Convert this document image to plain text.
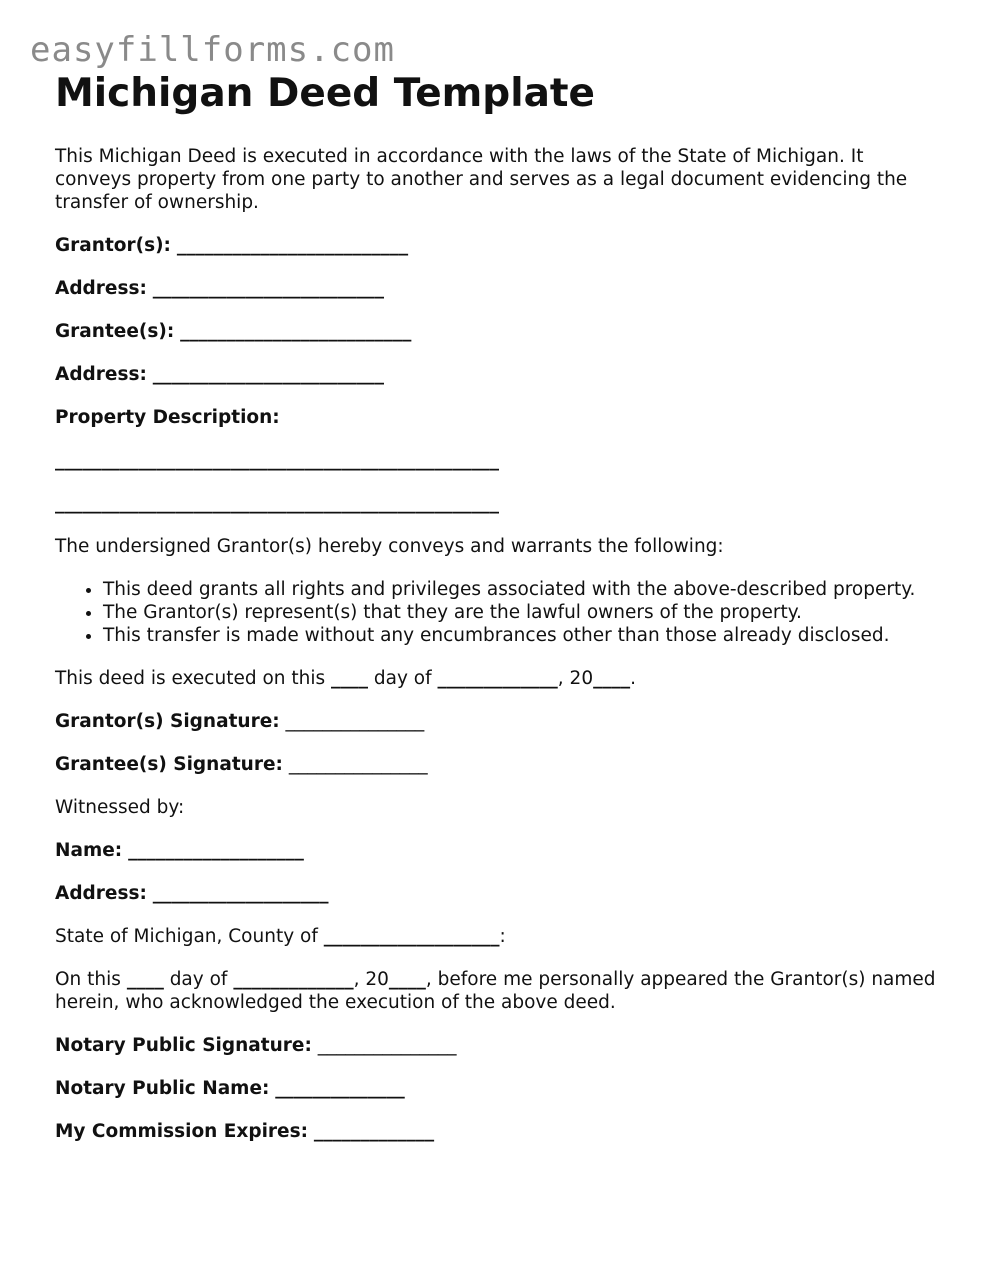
easyfillforms.com
Michigan Deed Template

This Michigan Deed is executed in accordance with the laws of the State of Michigan. It conveys property from one party to another and serves as a legal document evidencing the transfer of ownership.

Grantor(s): _________________________

Address: _________________________

Grantee(s): _________________________

Address: _________________________

Property Description:

________________________________________________

________________________________________________

The undersigned Grantor(s) hereby conveys and warrants the following:

• This deed grants all rights and privileges associated with the above-described property.
• The Grantor(s) represent(s) that they are the lawful owners of the property.
• This transfer is made without any encumbrances other than those already disclosed.

This deed is executed on this ____ day of _____________, 20____.

Grantor(s) Signature: _______________

Grantee(s) Signature: _______________

Witnessed by:

Name: ___________________

Address: ___________________

State of Michigan, County of ___________________:

On this ____ day of _____________, 20____, before me personally appeared the Grantor(s) named herein, who acknowledged the execution of the above deed.

Notary Public Signature: _______________

Notary Public Name: ______________

My Commission Expires: _____________
